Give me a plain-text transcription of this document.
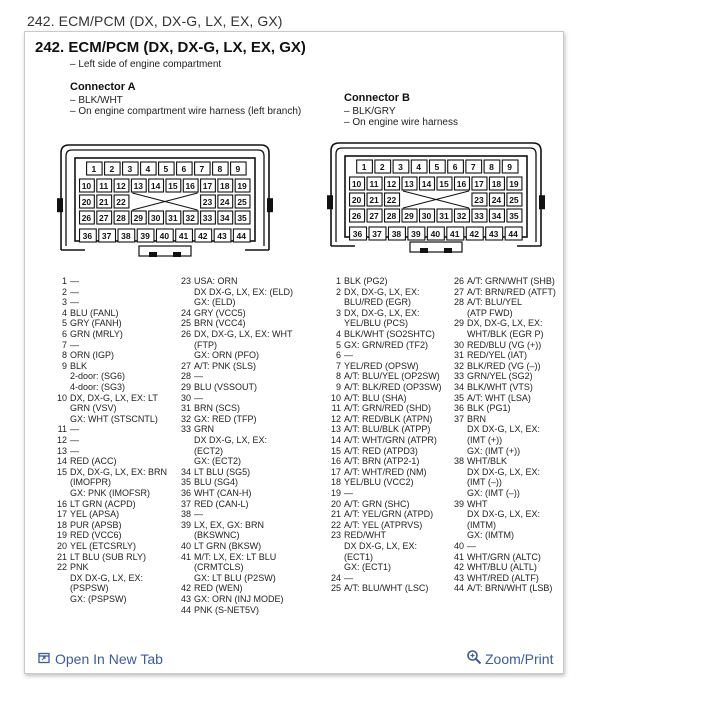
242. ECM/PCM (DX, DX-G, LX, EX, GX)
242. ECM/PCM (DX, DX-G, LX, EX, GX)
– Left side of engine compartment
Connector A
– BLK/WHT
– On engine compartment wire harness (left branch)
Connector B
– BLK/GRY
– On engine wire harness
1 2 3 4 5 6 7 8 9
10 11 12 13 14 15 16 17 18 19
20 21 22	23 24 25
26 27 28 29 30 31 32 33 34 35
36 37 38 39 40 41 42 43 44
1 2 3 4 5 6 7 8 9
10 11 12 13 14 15 16 17 18 19
20 21 22	23 24 25
26 27 28 29 30 31 32 33 34 35
36 37 38 39 40 41 42 43 44
1 —
2 —
3 —
4 BLU (FANL)
5 GRY (FANH)
6 GRN (MRLY)
7 —
8 ORN (IGP)
9 BLK
2-door: (SG6)
4-door: (SG3)
10 DX, DX-G, LX, EX: LT
GRN (VSV)
GX: WHT (STSCNTL)
11 —
12 —
13 —
14 RED (ACC)
15 DX, DX-G, LX, EX: BRN
(IMOFPR)
GX: PNK (IMOFSR)
16 LT GRN (ACPD)
17 YEL (APSA)
18 PUR (APSB)
19 RED (VCC6)
20 YEL (ETCSRLY)
21 LT BLU (SUB RLY)
22 PNK
DX DX-G, LX, EX:
(PSPSW)
GX: (PSPSW)
23 USA: ORN
DX DX-G, LX, EX: (ELD)
GX: (ELD)
24 GRY (VCC5)
25 BRN (VCC4)
26 DX, DX-G, LX, EX: WHT
(FTP)
GX: ORN (PFO)
27 A/T: PNK (SLS)
28 —
29 BLU (VSSOUT)
30 —
31 BRN (SCS)
32 GX: RED (TFP)
33 GRN
DX DX-G, LX, EX:
(ECT2)
GX: (ECT2)
34 LT BLU (SG5)
35 BLU (SG4)
36 WHT (CAN-H)
37 RED (CAN-L)
38 —
39 LX, EX, GX: BRN
(BKSWNC)
40 LT GRN (BKSW)
41 M/T: LX, EX: LT BLU
(CRMTCLS)
GX: LT BLU (P2SW)
42 RED (WEN)
43 GX: ORN (INJ MODE)
44 PNK (S-NET5V)
1 BLK (PG2)
2 DX, DX-G, LX, EX:
BLU/RED (EGR)
3 DX, DX-G, LX, EX:
YEL/BLU (PCS)
4 BLK/WHT (SO2SHTC)
5 GX: GRN/RED (TF2)
6 —
7 YEL/RED (OPSW)
8 A/T: BLU/YEL (OP2SW)
9 A/T: BLK/RED (OP3SW)
10 A/T: BLU (SHA)
11 A/T: GRN/RED (SHD)
12 A/T: RED/BLK (ATPN)
13 A/T: BLU/BLK (ATPP)
14 A/T: WHT/GRN (ATPR)
15 A/T: RED (ATPD3)
16 A/T: BRN (ATP2-1)
17 A/T: WHT/RED (NM)
18 YEL/BLU (VCC2)
19 —
20 A/T: GRN (SHC)
21 A/T: YEL/GRN (ATPD)
22 A/T: YEL (ATPRVS)
23 RED/WHT
DX DX-G, LX, EX:
(ECT1)
GX: (ECT1)
24 —
25 A/T: BLU/WHT (LSC)
26 A/T: GRN/WHT (SHB)
27 A/T: BRN/RED (ATFT)
28 A/T: BLU/YEL
(ATP FWD)
29 DX, DX-G, LX, EX:
WHT/BLK (EGR P)
30 RED/BLU (VG (+))
31 RED/YEL (IAT)
32 BLK/RED (VG (–))
33 GRN/YEL (SG2)
34 BLK/WHT (VTS)
35 A/T: WHT (LSA)
36 BLK (PG1)
37 BRN
DX DX-G, LX, EX:
(IMT (+))
GX: (IMT (+))
38 WHT/BLK
DX DX-G, LX, EX:
(IMT (–))
GX: (IMT (–))
39 WHT
DX DX-G, LX, EX:
(IMTM)
GX: (IMTM)
40 —
41 WHT/GRN (ALTC)
42 WHT/BLU (ALTL)
43 WHT/RED (ALTF)
44 A/T: BRN/WHT (LSB)
Open In New Tab	Zoom/Print
